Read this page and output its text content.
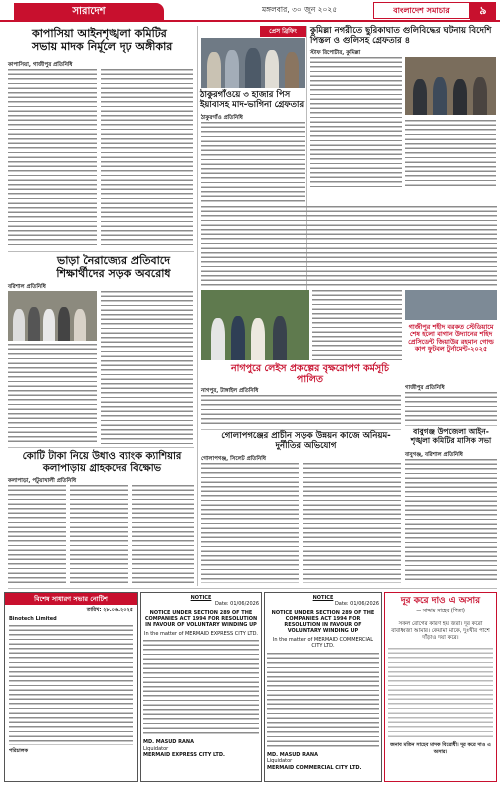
সারাদেশ	মঙ্গলবার, ৩০ জুন ২০২৫	বাংলাদেশ সমাচার	৯
কাপাসিয়া আইনশৃঙ্খলা কমিটির সভায় মাদক নির্মূলে দৃঢ় অঙ্গীকার
কাপাসিয়া, গাজীপুর প্রতিনিধি
প্রেস ব্রিফিং
ঠাকুরগাঁওয়ে ৩ হাজার পিস ইয়াবাসহ মাদ-ভাগিনা গ্রেফতার
ঠাকুরগাঁও প্রতিনিধি
কুমিল্লা নগরীতে ছুরিকাঘাত গুলিবিদ্ধের ঘটনায় বিদেশি পিস্তল ও গুলিসহ গ্রেফতার ৪
স্টাফ রিপোর্টার, কুমিল্লা
ভাড়া নৈরাজ্যের প্রতিবাদে শিক্ষার্থীদের সড়ক অবরোধ
বরিশাল প্রতিনিধি
নাগপুরে লেইস প্রকল্পের বৃক্ষরোপণ কর্মসূচি পালিত
নাগপুর, টাঙ্গাইল প্রতিনিধি
গোলাপগঞ্জের প্রাচীন সড়ক উন্নয়ন কাজে অনিয়ম-দুর্নীতির অভিযোগ
গোলাপগঞ্জ, সিলেট প্রতিনিধি
কোটি টাকা নিয়ে উধাও ব্যাংক ক্যাশিয়ার কলাপাড়ায় গ্রাহকদের বিক্ষোভ
কলাপাড়া, পটুয়াখালী প্রতিনিধি
বাবুগঞ্জ উপজেলা আইন-শৃঙ্খলা কমিটির মাসিক সভা
বাবুগঞ্জ, বরিশাল প্রতিনিধি
গাজীপুর শহীদ বরকত স্টেডিয়ামে শেষ হলো বাগান উদ্যানের শহিদ প্রেসিডেন্ট জিয়াউর রহমান গোল্ড কাপ ফুটবল টুর্নামেন্ট-২০২৫
গাজীপুর প্রতিনিধি
বিশেষ সাধারণ সভার নোটিশ
তারিখ: ২৮.০৬.২০২৫
Binotech Limited
পরিচালক
NOTICE
Date: 01/06/2026
NOTICE UNDER SECTION 289 OF THE COMPANIES ACT 1994 FOR RESOLUTION IN FAVOUR OF VOLUNTARY WINDING UP
In the matter of MERMAID EXPRESS CITY LTD.
MD. MASUD RANA
Liquidator
MERMAID EXPRESS CITY LTD.
NOTICE
Date: 01/06/2026
NOTICE UNDER SECTION 289 OF THE COMPANIES ACT 1994 FOR RESOLUTION IN FAVOUR OF VOLUNTARY WINDING UP
In the matter of MERMAID COMMERCIAL CITY LTD.
MD. MASUD RANA
Liquidator
MERMAID COMMERCIAL CITY LTD.
দূর করে দাও এ অসার
— সাদ্দাম সাহেব (পিতা)
সকল রোগের কারণ হয় জরা। দূর করো বাবাধ্বজা আমার। কেয়ামা মাকে, দুঃখীর পাশে দাঁড়াও দয়া করে।
জনাব মতিন সাহেব মাদক বিরোধী। দূর করে দাও এ অসার।
